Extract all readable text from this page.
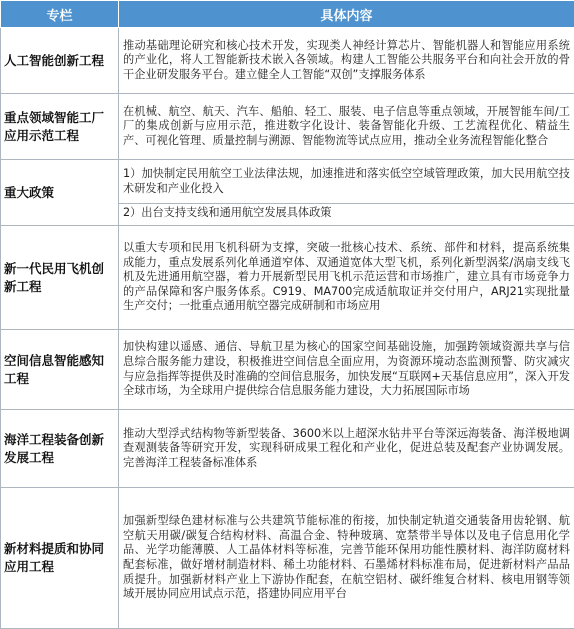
专栏	具体内容
人工智能创新工程	推动基础理论研究和核心技术开发，实现类人神经计算芯片、智能机器人和智能应用系统的产业化，将人工智能新技术嵌入各领域。构建人工智能公共服务平台和向社会开放的骨干企业研发服务平台。建立健全人工智能“双创”支撑服务体系
重点领域智能工厂应用示范工程	在机械、航空、航天、汽车、船舶、轻工、服装、电子信息等重点领域，开展智能车间/工厂的集成创新与应用示范，推进数字化设计、装备智能化升级、工艺流程优化、精益生产、可视化管理、质量控制与溯源、智能物流等试点应用，推动全业务流程智能化整合
重大政策	1）加快制定民用航空工业法律法规，加速推进和落实低空空域管理政策，加大民用航空技术研发和产业化投入
	2）出台支持支线和通用航空发展具体政策
新一代民用飞机创新工程	以重大专项和民用飞机科研为支撑，突破一批核心技术、系统、部件和材料，提高系统集成能力，重点发展系列化单通道窄体、双通道宽体大型飞机，系列化新型涡桨/涡扇支线飞机及先进通用航空器，着力开展新型民用飞机示范运营和市场推广，建立具有市场竞争力的产品保障和客户服务体系。C919、MA700完成适航取证并交付用户，ARJ21实现批量生产交付；一批重点通用航空器完成研制和市场应用
空间信息智能感知工程	加快构建以遥感、通信、导航卫星为核心的国家空间基础设施，加强跨领域资源共享与信息综合服务能力建设，积极推进空间信息全面应用，为资源环境动态监测预警、防灾减灾与应急指挥等提供及时准确的空间信息服务，加快发展“互联网+天基信息应用”，深入开发全球市场，为全球用户提供综合信息服务能力建设，大力拓展国际市场
海洋工程装备创新发展工程	推动大型浮式结构物等新型装备、3600米以上超深水钻井平台等深远海装备、海洋极地调查观测装备等研究开发，实现科研成果工程化和产业化，促进总装及配套产业协调发展。完善海洋工程装备标准体系
新材料提质和协同应用工程	加强新型绿色建材标准与公共建筑节能标准的衔接，加快制定轨道交通装备用齿轮钢、航空航天用碳/碳复合结构材料、高温合金、特种玻璃、宽禁带半导体以及电子信息用化学品、光学功能薄膜、人工晶体材料等标准，完善节能环保用功能性膜材料、海洋防腐材料配套标准，做好增材制造材料、稀土功能材料、石墨烯材料标准布局，促进新材料产品品质提升。加强新材料产业上下游协作配套，在航空铝材、碳纤维复合材料、核电用钢等领域开展协同应用试点示范，搭建协同应用平台
